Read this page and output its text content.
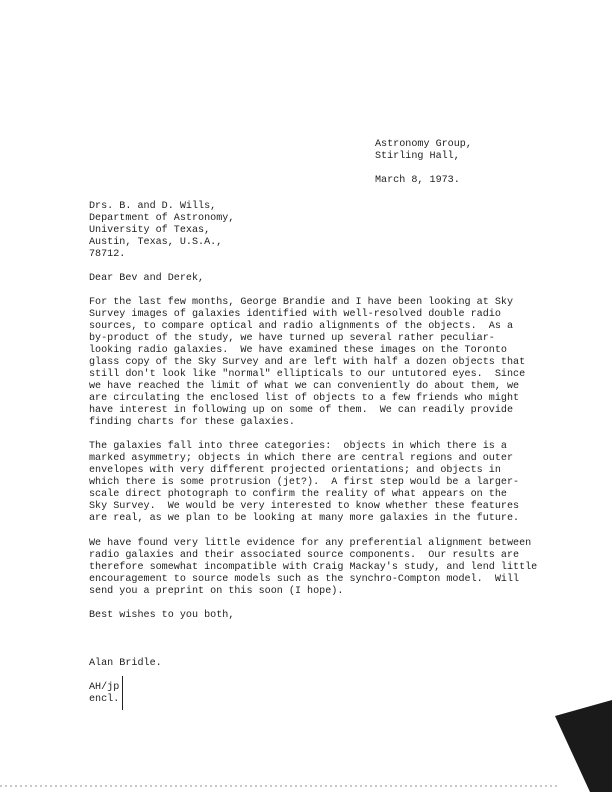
Astronomy Group,
Stirling Hall,
March 8, 1973.
Drs. B. and D. Wills,
Department of Astronomy,
University of Texas,
Austin, Texas, U.S.A.,
78712.
Dear Bev and Derek,
For the last few months, George Brandie and I have been looking at Sky
Survey images of galaxies identified with well-resolved double radio
sources, to compare optical and radio alignments of the objects.  As a
by-product of the study, we have turned up several rather peculiar-
looking radio galaxies.  We have examined these images on the Toronto
glass copy of the Sky Survey and are left with half a dozen objects that
still don't look like "normal" ellipticals to our untutored eyes.  Since
we have reached the limit of what we can conveniently do about them, we
are circulating the enclosed list of objects to a few friends who might
have interest in following up on some of them.  We can readily provide
finding charts for these galaxies.
The galaxies fall into three categories:  objects in which there is a
marked asymmetry; objects in which there are central regions and outer
envelopes with very different projected orientations; and objects in
which there is some protrusion (jet?).  A first step would be a larger-
scale direct photograph to confirm the reality of what appears on the
Sky Survey.  We would be very interested to know whether these features
are real, as we plan to be looking at many more galaxies in the future.
We have found very little evidence for any preferential alignment between
radio galaxies and their associated source components.  Our results are
therefore somewhat incompatible with Craig Mackay's study, and lend little
encouragement to source models such as the synchro-Compton model.  Will
send you a preprint on this soon (I hope).
Best wishes to you both,
Alan Bridle.
AH/jp
encl.
